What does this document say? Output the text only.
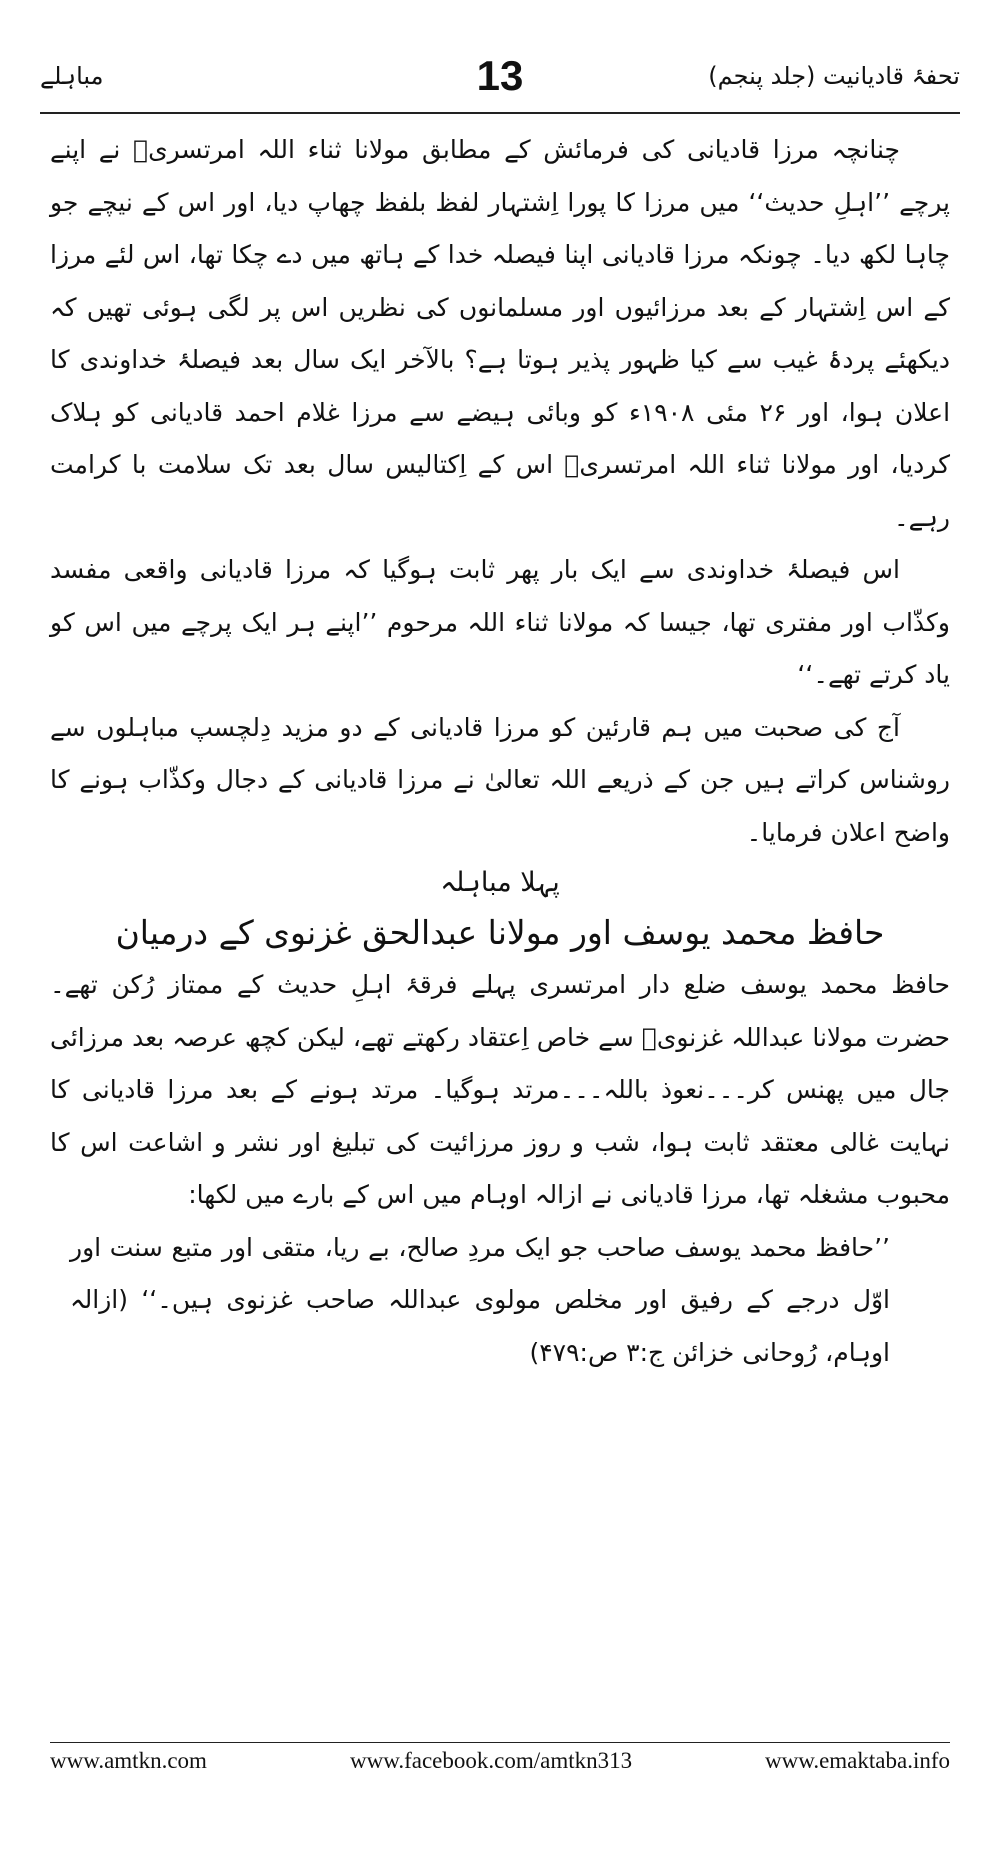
تحفۂ قادیانیت (جلد پنجم)
13
مباہلے

چنانچہ مرزا قادیانی کی فرمائش کے مطابق مولانا ثناء اللہ امرتسریؒ نے اپنے پرچے ’’اہلِ حدیث‘‘ میں مرزا کا پورا اِشتہار لفظ بلفظ چھاپ دیا، اور اس کے نیچے جو چاہا لکھ دیا۔ چونکہ مرزا قادیانی اپنا فیصلہ خدا کے ہاتھ میں دے چکا تھا، اس لئے مرزا کے اس اِشتہار کے بعد مرزائیوں اور مسلمانوں کی نظریں اس پر لگی ہوئی تھیں کہ دیکھئے پردۂ غیب سے کیا ظہور پذیر ہوتا ہے؟ بالآخر ایک سال بعد فیصلۂ خداوندی کا اعلان ہوا، اور ۲۶ مئی ۱۹۰۸ء کو وبائی ہیضے سے مرزا غلام احمد قادیانی کو ہلاک کردیا، اور مولانا ثناء اللہ امرتسریؒ اس کے اِکتالیس سال بعد تک سلامت با کرامت رہے۔

اس فیصلۂ خداوندی سے ایک بار پھر ثابت ہوگیا کہ مرزا قادیانی واقعی مفسد وکذّاب اور مفتری تھا، جیسا کہ مولانا ثناء اللہ مرحوم ’’اپنے ہر ایک پرچے میں اس کو یاد کرتے تھے۔‘‘

آج کی صحبت میں ہم قارئین کو مرزا قادیانی کے دو مزید دِلچسپ مباہلوں سے روشناس کراتے ہیں جن کے ذریعے اللہ تعالیٰ نے مرزا قادیانی کے دجال وکذّاب ہونے کا واضح اعلان فرمایا۔

پہلا مباہلہ

حافظ محمد یوسف اور مولانا عبدالحق غزنوی کے درمیان

حافظ محمد یوسف ضلع دار امرتسری پہلے فرقۂ اہلِ حدیث کے ممتاز رُکن تھے۔ حضرت مولانا عبداللہ غزنویؒ سے خاص اِعتقاد رکھتے تھے، لیکن کچھ عرصہ بعد مرزائی جال میں پھنس کر۔۔۔نعوذ باللہ۔۔۔مرتد ہوگیا۔ مرتد ہونے کے بعد مرزا قادیانی کا نہایت غالی معتقد ثابت ہوا، شب و روز مرزائیت کی تبلیغ اور نشر و اشاعت اس کا محبوب مشغلہ تھا، مرزا قادیانی نے ازالہ اوہام میں اس کے بارے میں لکھا:

’’حافظ محمد یوسف صاحب جو ایک مردِ صالح، بے ریا، متقی اور متبع سنت اور اوّل درجے کے رفیق اور مخلص مولوی عبداللہ صاحب غزنوی ہیں۔‘‘ (ازالہ اوہام، رُوحانی خزائن ج:۳ ص:۴۷۹)

www.amtkn.com	www.facebook.com/amtkn313	www.emaktaba.info
